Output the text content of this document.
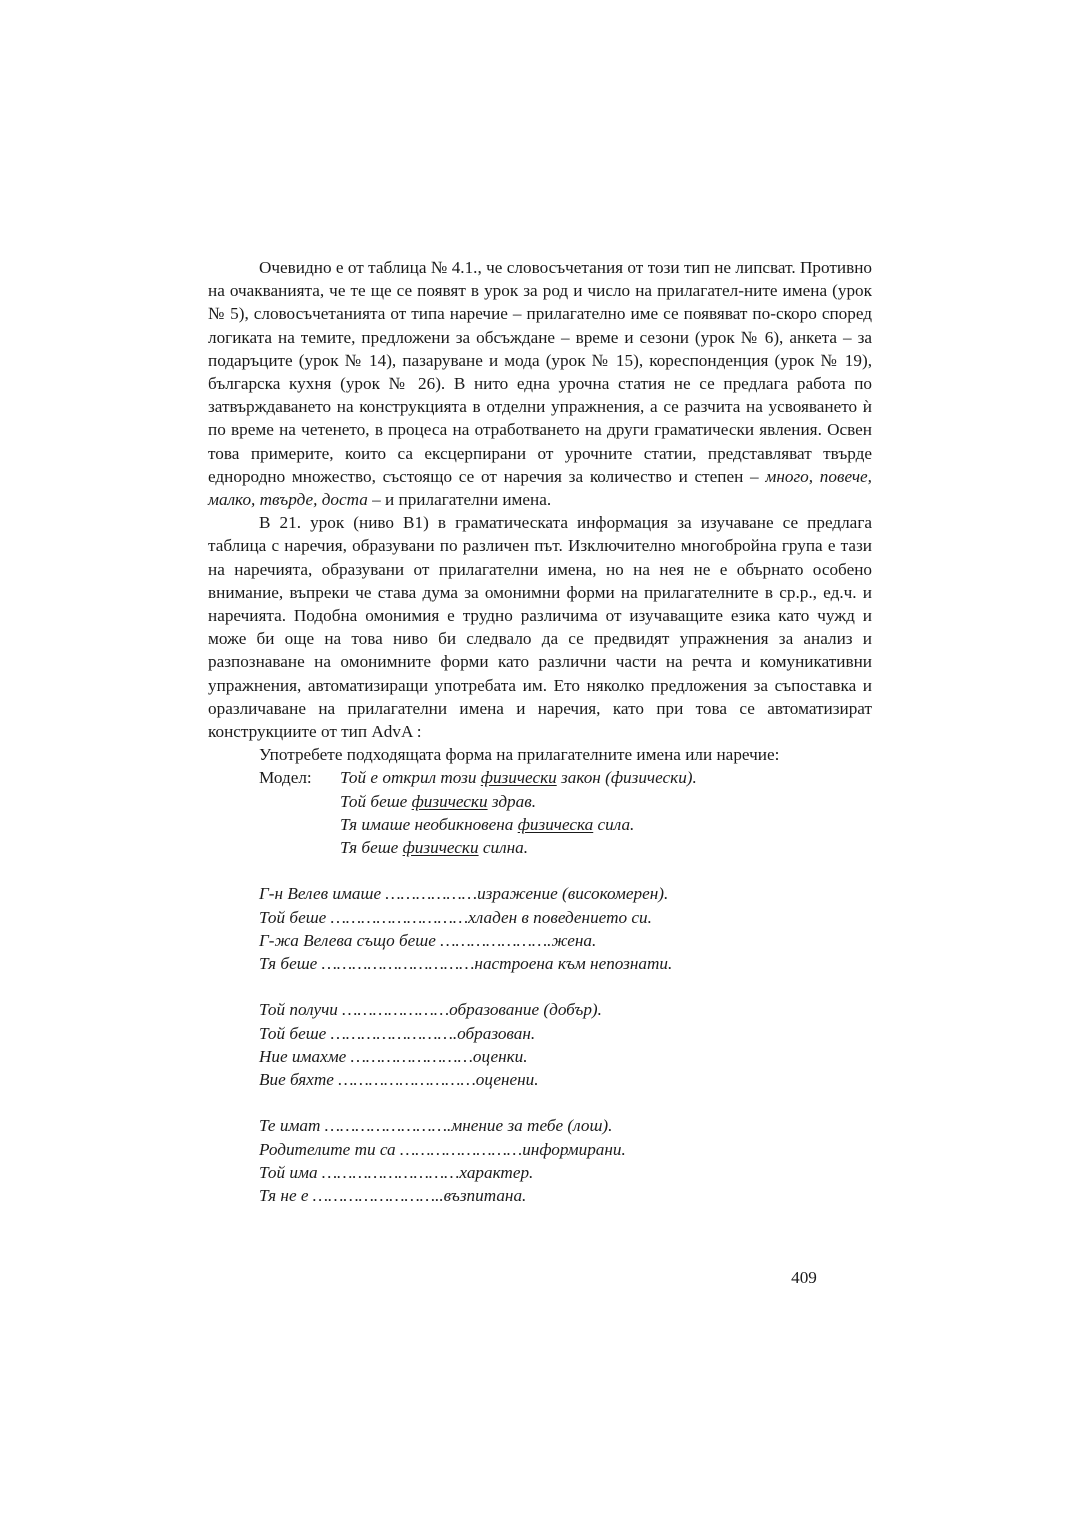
Очевидно е от таблица № 4.1., че словосъчетания от този тип не липсват. Противно на очакванията, че те ще се появят в урок за род и число на прилагател-ните имена (урок № 5), словосъчетанията от типа наречие – прилагателно име се появяват по-скоро според логиката на темите, предложени за обсъждане – време и сезони (урок № 6), анкета – за подаръците (урок № 14), пазаруване и мода (урок № 15), кореспонденция (урок № 19), българска кухня (урок № 26). В нито една урочна статия не се предлага работа по затвърждаването на конструкцията в отделни упражнения, а се разчита на усвояването ѝ по време на четенето, в процеса на отработването на други граматически явления. Освен това примерите, които са ексцерпирани от урочните статии, представляват твърде еднородно множество, състоящо се от наречия за количество и степен – много, повече, малко, твърде, доста – и прилагателни имена.

В 21. урок (ниво В1) в граматическата информация за изучаване се предлага таблица с наречия, образувани по различен път. Изключително многобройна група е тази на наречията, образувани от прилагателни имена, но на нея не е обърнато особено внимание, въпреки че става дума за омонимни форми на прилагателните в ср.р., ед.ч. и наречията. Подобна омонимия е трудно различима от изучаващите езика като чужд и може би още на това ниво би следвало да се предвидят упражнения за анализ и разпознаване на омонимните форми като различни части на речта и комуникативни упражнения, автоматизиращи употребата им. Ето няколко предложения за съпоставка и оразличаване на прилагателни имена и наречия, като при това се автоматизират конструкциите от тип AdvA :

Употребете подходящата форма на прилагателните имена или наречие:

Модел:	Той е открил този физически закон (физически).
Той беше физически здрав.
Тя имаше необикновена физическа сила.
Тя беше физически силна.
Г-н Велев имаше ………………изражение (високомерен).
Той беше ………………………хладен в поведението си.
Г-жа Велева също беше ………………….жена.
Тя беше …………………………настроена към непознати.
Той получи …………………образование (добър).
Той беше …………………….образован.
Ние имахме ……………………оценки.
Вие бяхте ………………………оценени.
Те имат …………………….мнение за тебе (лош).
Родителите ти са ……………………информирани.
Той има ………………………характер.
Тя не е ……………………..възпитана.
409
